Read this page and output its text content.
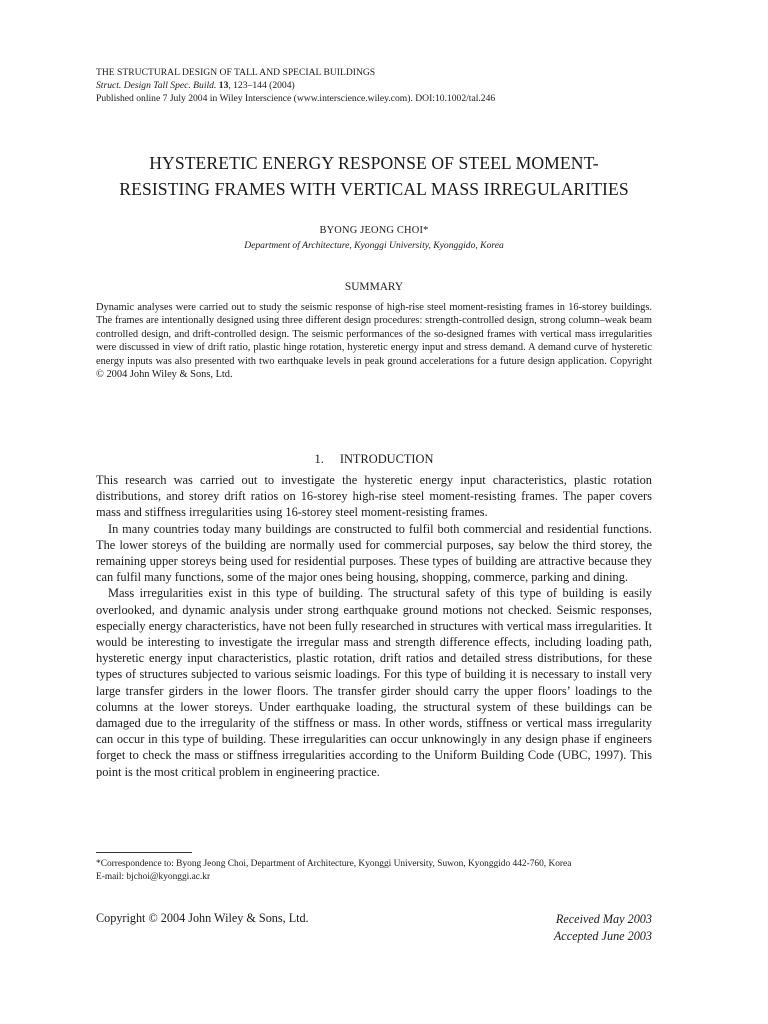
THE STRUCTURAL DESIGN OF TALL AND SPECIAL BUILDINGS
Struct. Design Tall Spec. Build. 13, 123–144 (2004)
Published online 7 July 2004 in Wiley Interscience (www.interscience.wiley.com). DOI:10.1002/tal.246
HYSTERETIC ENERGY RESPONSE OF STEEL MOMENT-
RESISTING FRAMES WITH VERTICAL MASS IRREGULARITIES
BYONG JEONG CHOI*
Department of Architecture, Kyonggi University, Kyonggido, Korea
SUMMARY

Dynamic analyses were carried out to study the seismic response of high-rise steel moment-resisting frames in 16-storey buildings. The frames are intentionally designed using three different design procedures: strength-controlled design, strong column–weak beam controlled design, and drift-controlled design. The seismic performances of the so-designed frames with vertical mass irregularities were discussed in view of drift ratio, plastic hinge rotation, hysteretic energy input and stress demand. A demand curve of hysteretic energy inputs was also presented with two earthquake levels in peak ground accelerations for a future design application. Copyright © 2004 John Wiley & Sons, Ltd.

1. INTRODUCTION

This research was carried out to investigate the hysteretic energy input characteristics, plastic rotation distributions, and storey drift ratios on 16-storey high-rise steel moment-resisting frames. The paper covers mass and stiffness irregularities using 16-storey steel moment-resisting frames.

In many countries today many buildings are constructed to fulfil both commercial and residential functions. The lower storeys of the building are normally used for commercial purposes, say below the third storey, the remaining upper storeys being used for residential purposes. These types of building are attractive because they can fulfil many functions, some of the major ones being housing, shopping, commerce, parking and dining.

Mass irregularities exist in this type of building. The structural safety of this type of building is easily overlooked, and dynamic analysis under strong earthquake ground motions not checked. Seismic responses, especially energy characteristics, have not been fully researched in structures with vertical mass irregularities. It would be interesting to investigate the irregular mass and strength difference effects, including loading path, hysteretic energy input characteristics, plastic rotation, drift ratios and detailed stress distributions, for these types of structures subjected to various seismic loadings. For this type of building it is necessary to install very large transfer girders in the lower floors. The transfer girder should carry the upper floors’ loadings to the columns at the lower storeys. Under earthquake loading, the structural system of these buildings can be damaged due to the irregularity of the stiffness or mass. In other words, stiffness or vertical mass irregularity can occur in this type of building. These irregularities can occur unknowingly in any design phase if engineers forget to check the mass or stiffness irregularities according to the Uniform Building Code (UBC, 1997). This point is the most critical problem in engineering practice.

*Correspondence to: Byong Jeong Choi, Department of Architecture, Kyonggi University, Suwon, Kyonggido 442-760, Korea
E-mail: bjchoi@kyonggi.ac.kr
Copyright © 2004 John Wiley & Sons, Ltd.	Received May 2003
Accepted June 2003
